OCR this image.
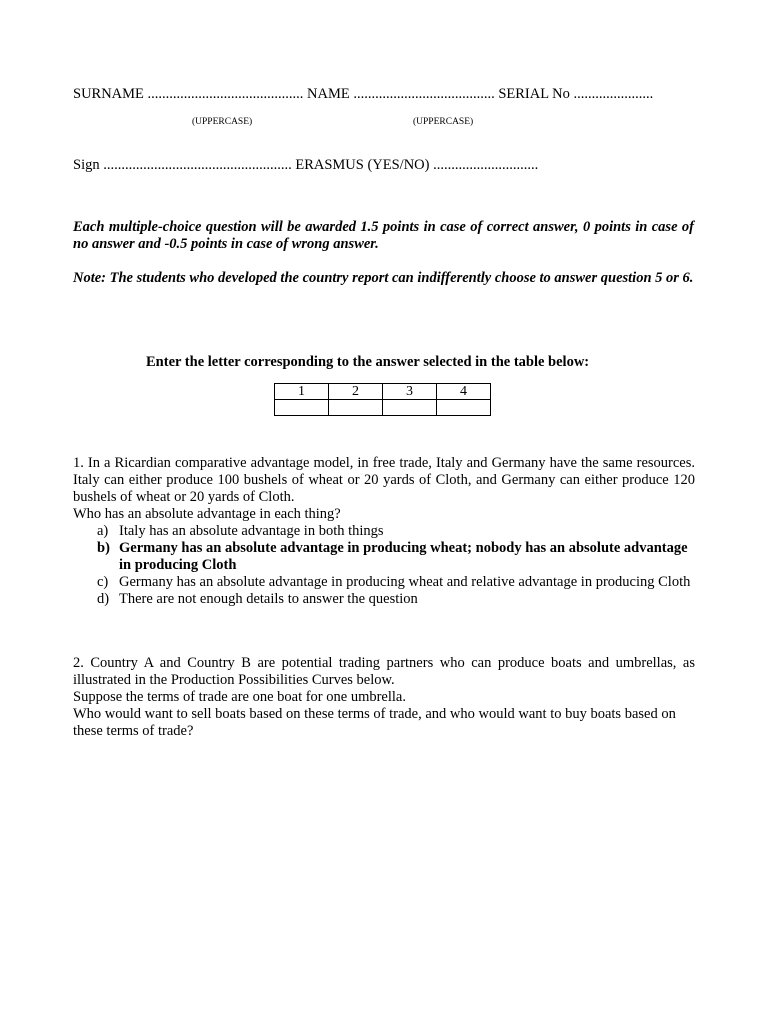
SURNAME ........................................... NAME ....................................... SERIAL No ......................
(UPPERCASE)	(UPPERCASE)
Sign .................................................... ERASMUS (YES/NO) .............................
Each multiple-choice question will be awarded 1.5 points in case of correct answer, 0 points in case of no answer and -0.5 points in case of wrong answer.
Note: The students who developed the country report can indifferently choose to answer question 5 or 6.
Enter the letter corresponding to the answer selected in the table below:
1	2	3	4

1. In a Ricardian comparative advantage model, in free trade, Italy and Germany have the same resources. Italy can either produce 100 bushels of wheat or 20 yards of Cloth, and Germany can either produce 120 bushels of wheat or 20 yards of Cloth.
Who has an absolute advantage in each thing?
a) Italy has an absolute advantage in both things
b) Germany has an absolute advantage in producing wheat; nobody has an absolute advantage in producing Cloth
c) Germany has an absolute advantage in producing wheat and relative advantage in producing Cloth
d) There are not enough details to answer the question
2. Country A and Country B are potential trading partners who can produce boats and umbrellas, as illustrated in the Production Possibilities Curves below.
Suppose the terms of trade are one boat for one umbrella.
Who would want to sell boats based on these terms of trade, and who would want to buy boats based on these terms of trade?
